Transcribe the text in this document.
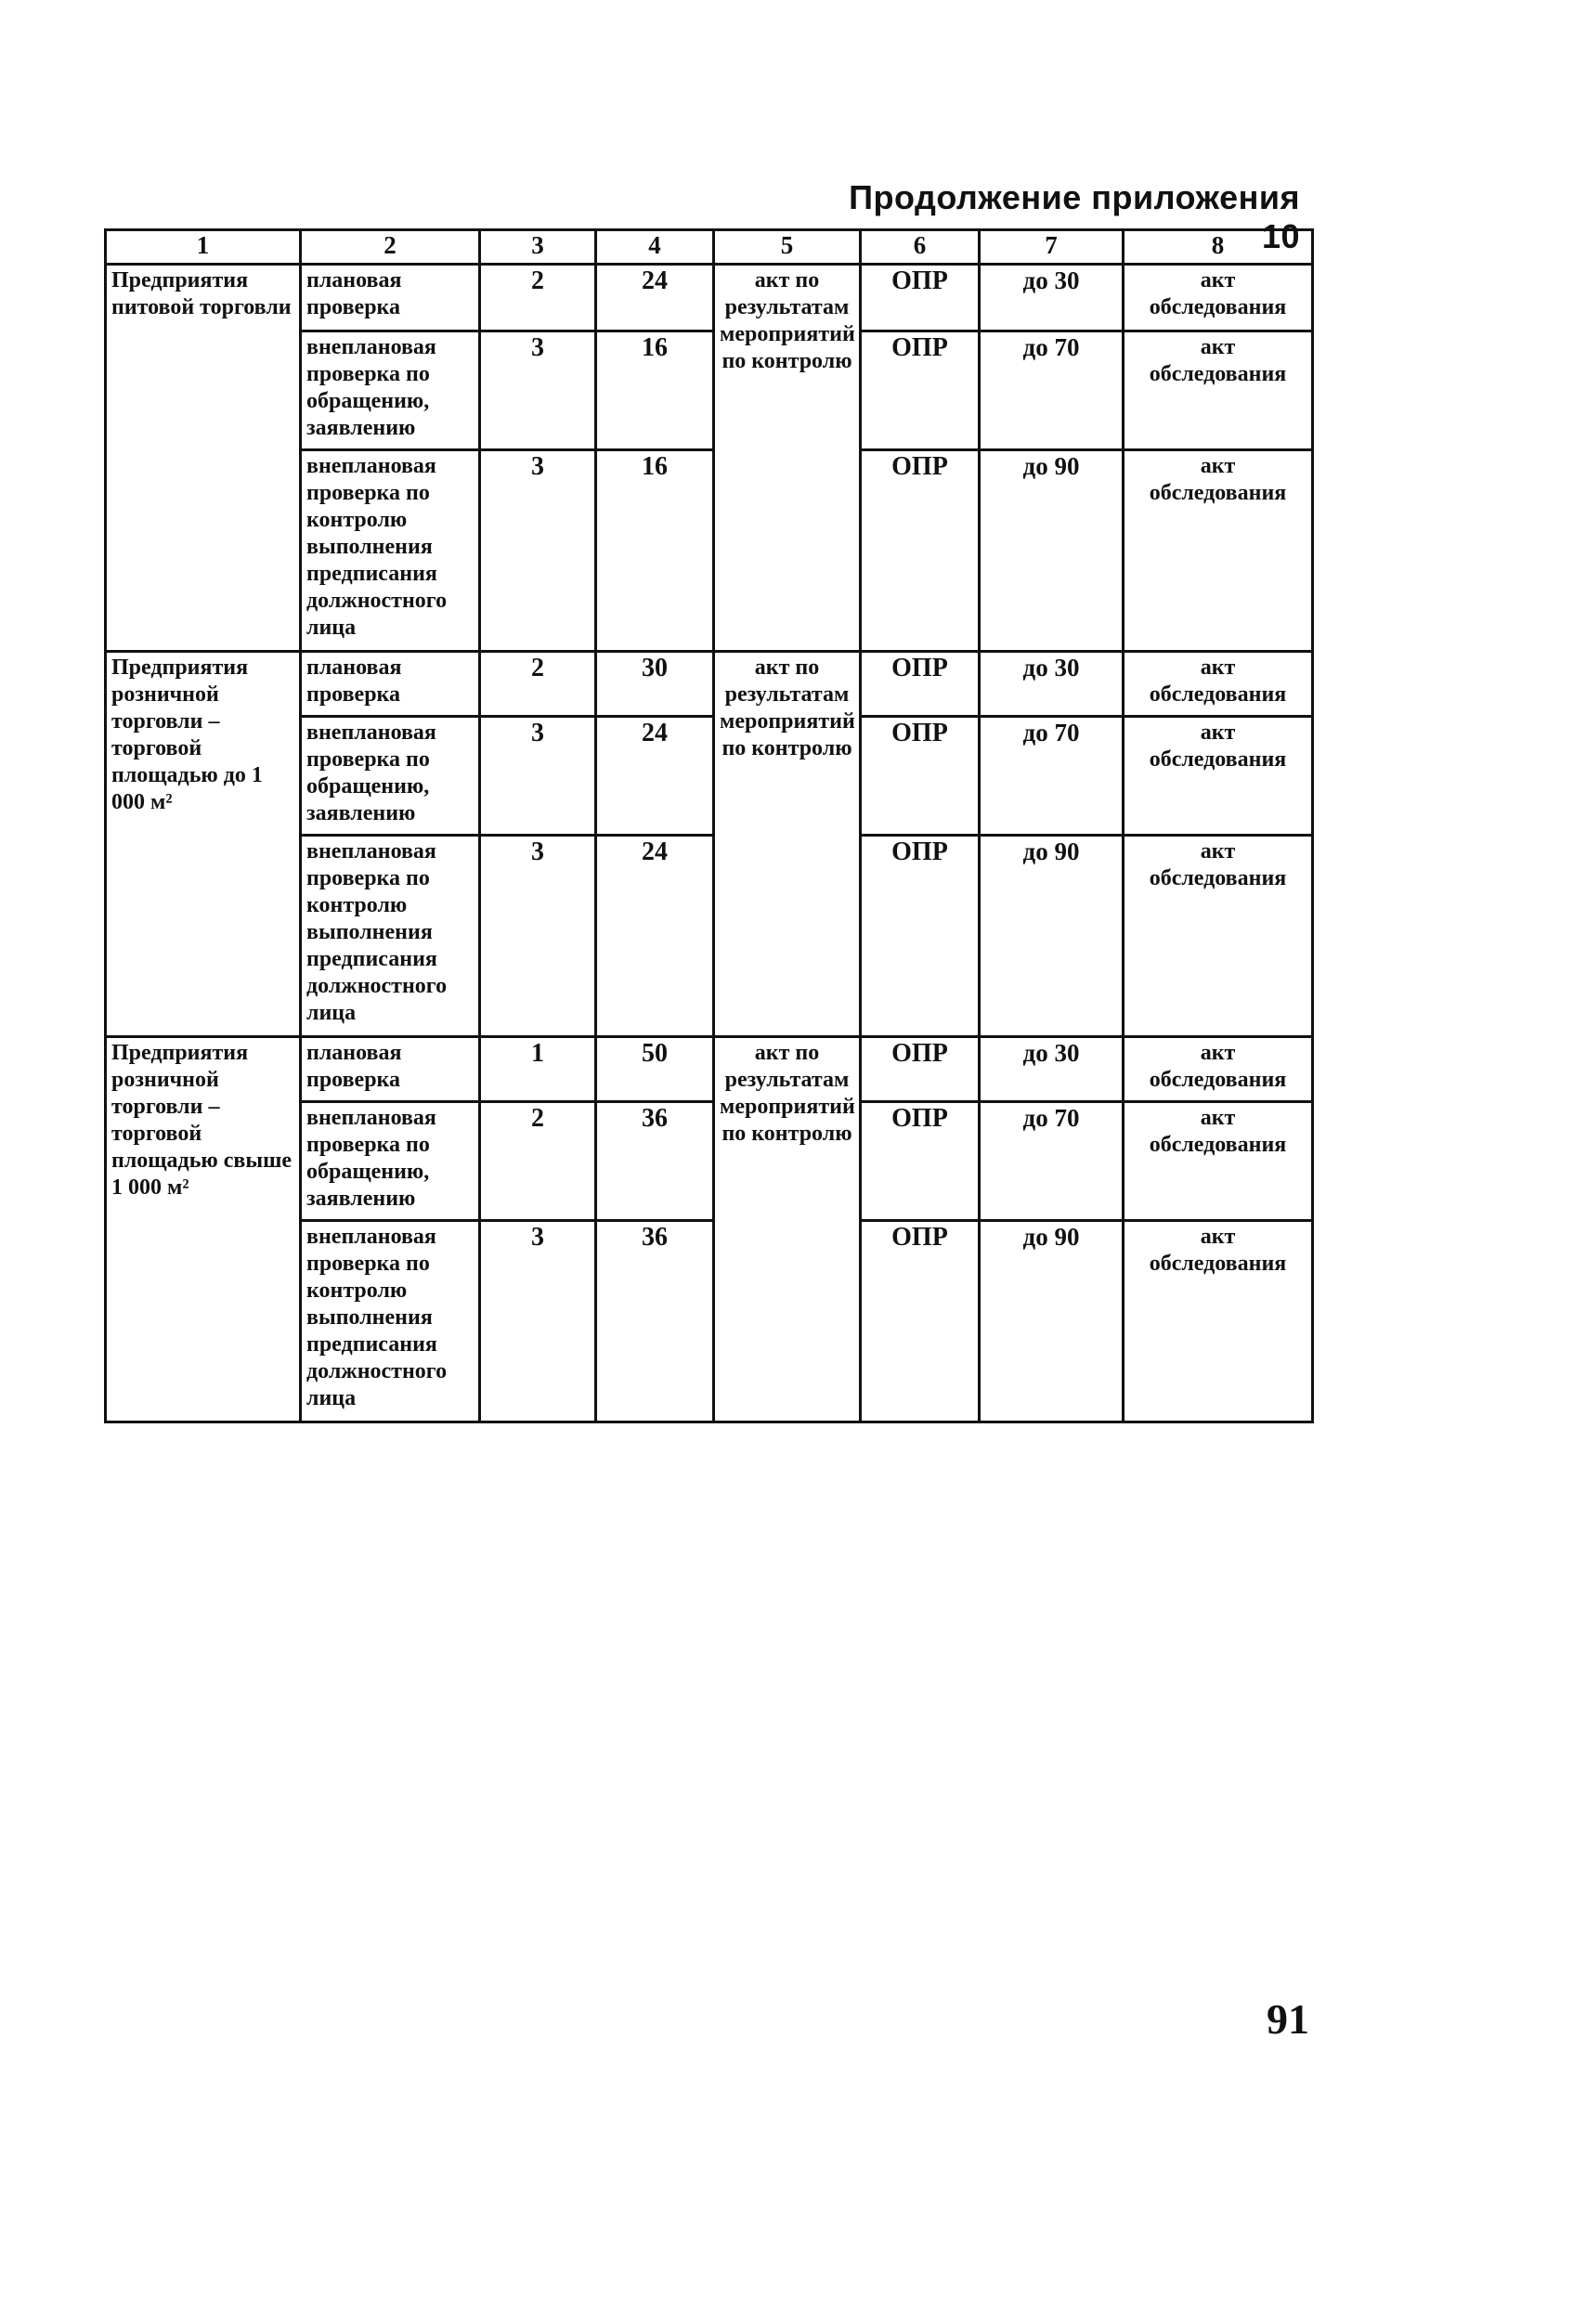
Продолжение приложения 10
1	2	3	4	5	6	7	8
Предприятия питовой торговли	плановая проверка	2	24	акт по результатам мероприятий по контролю	ОПР	до 30	акт обследования
	внеплановая проверка по обращению, заявлению	3	16		ОПР	до 70	акт обследования
	внеплановая проверка по контролю выполнения предписания должностного лица	3	16		ОПР	до 90	акт обследования
Предприятия розничной торговли – торговой площадью до 1 000 м²	плановая проверка	2	30	акт по результатам мероприятий по контролю	ОПР	до 30	акт обследования
	внеплановая проверка по обращению, заявлению	3	24		ОПР	до 70	акт обследования
	внеплановая проверка по контролю выполнения предписания должностного лица	3	24		ОПР	до 90	акт обследования
Предприятия розничной торговли – торговой площадью свыше 1 000 м²	плановая проверка	1	50	акт по результатам мероприятий по контролю	ОПР	до 30	акт обследования
	внеплановая проверка по обращению, заявлению	2	36		ОПР	до 70	акт обследования
	внеплановая проверка по контролю выполнения предписания должностного лица	3	36		ОПР	до 90	акт обследования
91
